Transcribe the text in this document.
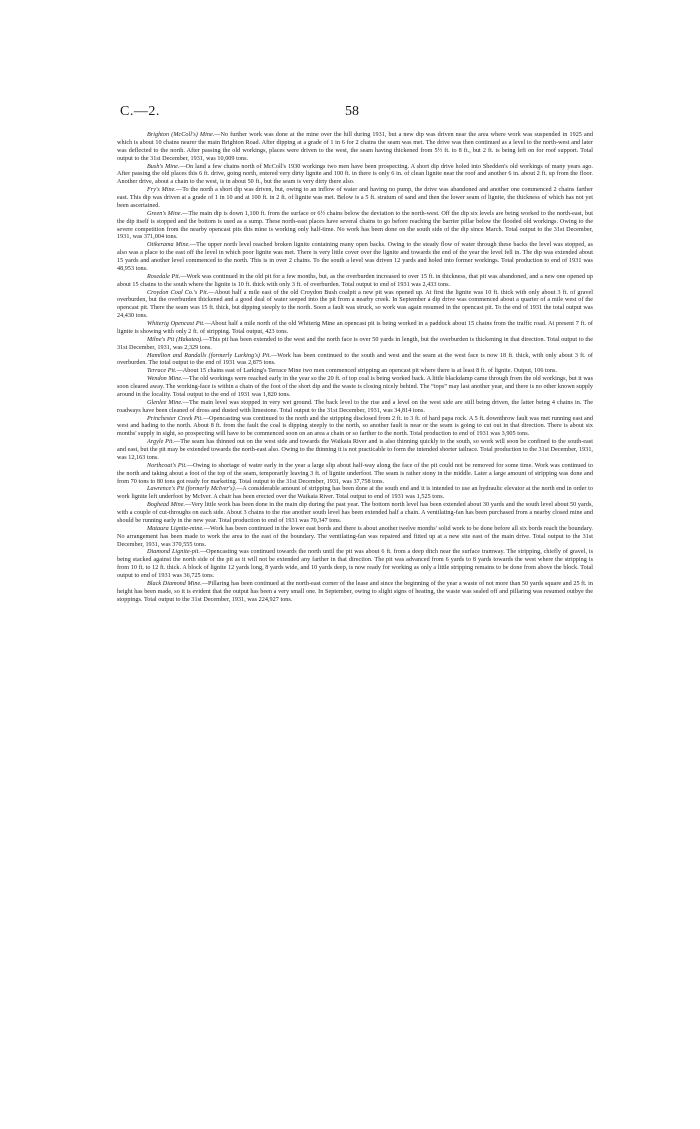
C.—2.	58

Brighton (McColl's) Mine.—No further work was done at the mine over the hill during 1931, but a new dip was driven near the area where work was suspended in 1925 and which is about 10 chains nearer the main Brighton Road. After dipping at a grade of 1 in 6 for 2 chains the seam was met. The drive was then continued as a level to the north-west and later was deflected to the north. After passing the old workings, places were driven to the west, the seam having thickened from 5½ ft. to 8 ft., but 2 ft. is being left on for roof support. Total output to the 31st December, 1931, was 10,009 tons.

Bush's Mine.—On land a few chains north of McColl's 1930 workings two men have been prospecting. A short dip drive holed into Shedden's old workings of many years ago. After passing the old places this 6 ft. drive, going north, entered very dirty lignite and 100 ft. in there is only 6 in. of clean lignite near the roof and another 6 in. about 2 ft. up from the floor. Another drive, about a chain to the west, is in about 50 ft., but the seam is very dirty there also.

Fry's Mine.—To the north a short dip was driven, but, owing to an inflow of water and having no pump, the drive was abandoned and another one commenced 2 chains farther east. This dip was driven at a grade of 1 in 10 and at 100 ft. in 2 ft. of lignite was met. Below is a 5 ft. stratum of sand and then the lower seam of lignite, the thickness of which has not yet been ascertained.

Green's Mine.—The main dip is down 1,100 ft. from the surface or 6½ chains below the deviation to the north-west. Off the dip six levels are being worked to the north-east, but the dip itself is stopped and the bottom is used as a sump. These north-east places have several chains to go before reaching the barrier pillar below the flooded old workings. Owing to the severe competition from the nearby opencast pits this mine is working only half-time. No work has been done on the south side of the dip since March. Total output to the 31st December, 1931, was 371,004 tons.

Otikerama Mine.—The upper north level reached broken lignite containing many open backs. Owing to the steady flow of water through these backs the level was stopped, as also was a place to the east off the level in which poor lignite was met. There is very little cover over the lignite and towards the end of the year the level fell in. The dip was extended about 15 yards and another level commenced to the north. This is in over 2 chains. To the south a level was driven 12 yards and holed into former workings. Total production to end of 1931 was 48,953 tons.

Rosedale Pit.—Work was continued in the old pit for a few months, but, as the overburden increased to over 15 ft. in thickness, that pit was abandoned, and a new one opened up about 15 chains to the south where the lignite is 10 ft. thick with only 3 ft. of overburden. Total output to end of 1931 was 2,433 tons.

Croydon Coal Co.'s Pit.—About half a mile east of the old Croydon Bush coalpit a new pit was opened up. At first the lignite was 10 ft. thick with only about 3 ft. of gravel overburden, but the overburden thickened and a good deal of water seeped into the pit from a nearby creek. In September a dip drive was commenced about a quarter of a mile west of the opencast pit. There the seam was 15 ft. thick, but dipping steeply to the north. Soon a fault was struck, so work was again resumed in the opencast pit. To the end of 1931 the total output was 24,430 tons.

Whiterig Opencast Pit.—About half a mile north of the old Whiterig Mine an opencast pit is being worked in a paddock about 15 chains from the traffic road. At present 7 ft. of lignite is showing with only 2 ft. of stripping. Total output, 423 tons.

Milne's Pit (Hakatea).—This pit has been extended to the west and the north face is over 50 yards in length, but the overburden is thickening in that direction. Total output to the 31st December, 1931, was 2,329 tons.

Hamilton and Randalls (formerly Larking's) Pit.—Work has been continued to the south and west and the seam at the west face is now 18 ft. thick, with only about 3 ft. of overburden. The total output to the end of 1931 was 2,875 tons.

Terrace Pit.—About 15 chains east of Larking's Terrace Mine two men commenced stripping an opencast pit where there is at least 8 ft. of lignite. Output, 106 tons.

Wendon Mine.—The old workings were reached early in the year so the 20 ft. of top coal is being worked back. A little blackdamp came through from the old workings, but it was soon cleared away. The working-face is within a chain of the foot of the short dip and the waste is closing nicely behind. The “tops” may last another year, and there is no other known supply around in the locality. Total output to the end of 1931 was 1,820 tons.

Glenlee Mine.—The main level was stopped in very wet ground. The back level to the rise and a level on the west side are still being driven, the latter being 4 chains in. The roadways have been cleaned of dross and dusted with limestone. Total output to the 31st December, 1931, was 34,814 tons.

Princhester Creek Pit.—Opencasting was continued to the north and the stripping disclosed from 2 ft. to 3 ft. of hard papa rock. A 5 ft. downthrow fault was met running east and west and hading to the north. About 8 ft. from the fault the coal is dipping steeply to the north, so another fault is near or the seam is going to cut out in that direction. There is about six months' supply in sight, so prospecting will have to be commenced soon on an area a chain or so farther to the north. Total production to end of 1931 was 3,905 tons.

Argyle Pit.—The seam has thinned out on the west side and towards the Waikaia River and is also thinning quickly to the south, so work will soon be confined to the south-east and east, but the pit may be extended towards the north-east also. Owing to the thinning it is not practicable to form the intended shorter tailrace. Total production to the 31st December, 1931, was 12,163 tons.

Northcoat's Pit.—Owing to shortage of water early in the year a large slip about half-way along the face of the pit could not be removed for some time. Work was continued to the north and taking about a foot of the top of the seam, temporarily leaving 3 ft. of lignite underfoot. The seam is rather stony in the middle. Later a large amount of stripping was done and from 70 tons to 80 tons got ready for marketing. Total output to the 31st December, 1931, was 37,758 tons.

Lawrence's Pit (formerly McIver's).—A considerable amount of stripping has been done at the south end and it is intended to use an hydraulic elevator at the north end in order to work lignite left underfoot by McIver. A chair has been erected over the Waikaia River. Total output to end of 1931 was 1,525 tons.

Boghead Mine.—Very little work has been done in the main dip during the past year. The bottom north level has been extended about 30 yards and the south level about 50 yards, with a couple of cut-throughs on each side. About 3 chains to the rise another south level has been extended half a chain. A ventilating-fan has been purchased from a nearby closed mine and should be running early in the new year. Total production to end of 1931 was 70,347 tons.

Mataura Lignite-mine.—Work has been continued in the lower east bords and there is about another twelve months' solid work to be done before all six bords reach the boundary. No arrangement has been made to work the area to the east of the boundary. The ventilating-fan was repaired and fitted up at a new site east of the main drive. Total output to the 31st December, 1931, was 370,555 tons.

Diamond Lignite-pit.—Opencasting was continued towards the north until the pit was about 6 ft. from a deep ditch near the surface tramway. The stripping, chiefly of gravel, is being stacked against the north side of the pit as it will not be extended any farther in that direction. The pit was advanced from 6 yards to 8 yards towards the west where the stripping is from 10 ft. to 12 ft. thick. A block of lignite 12 yards long, 8 yards wide, and 10 yards deep, is now ready for working as only a little stripping remains to be done from above the block. Total output to end of 1931 was 36,725 tons.

Black Diamond Mine.—Pillaring has been continued at the north-east corner of the lease and since the beginning of the year a waste of not more than 50 yards square and 25 ft. in height has been made, so it is evident that the output has been a very small one. In September, owing to slight signs of heating, the waste was sealed off and pillaring was resumed outbye the stoppings. Total output to the 31st December, 1931, was 224,927 tons.
